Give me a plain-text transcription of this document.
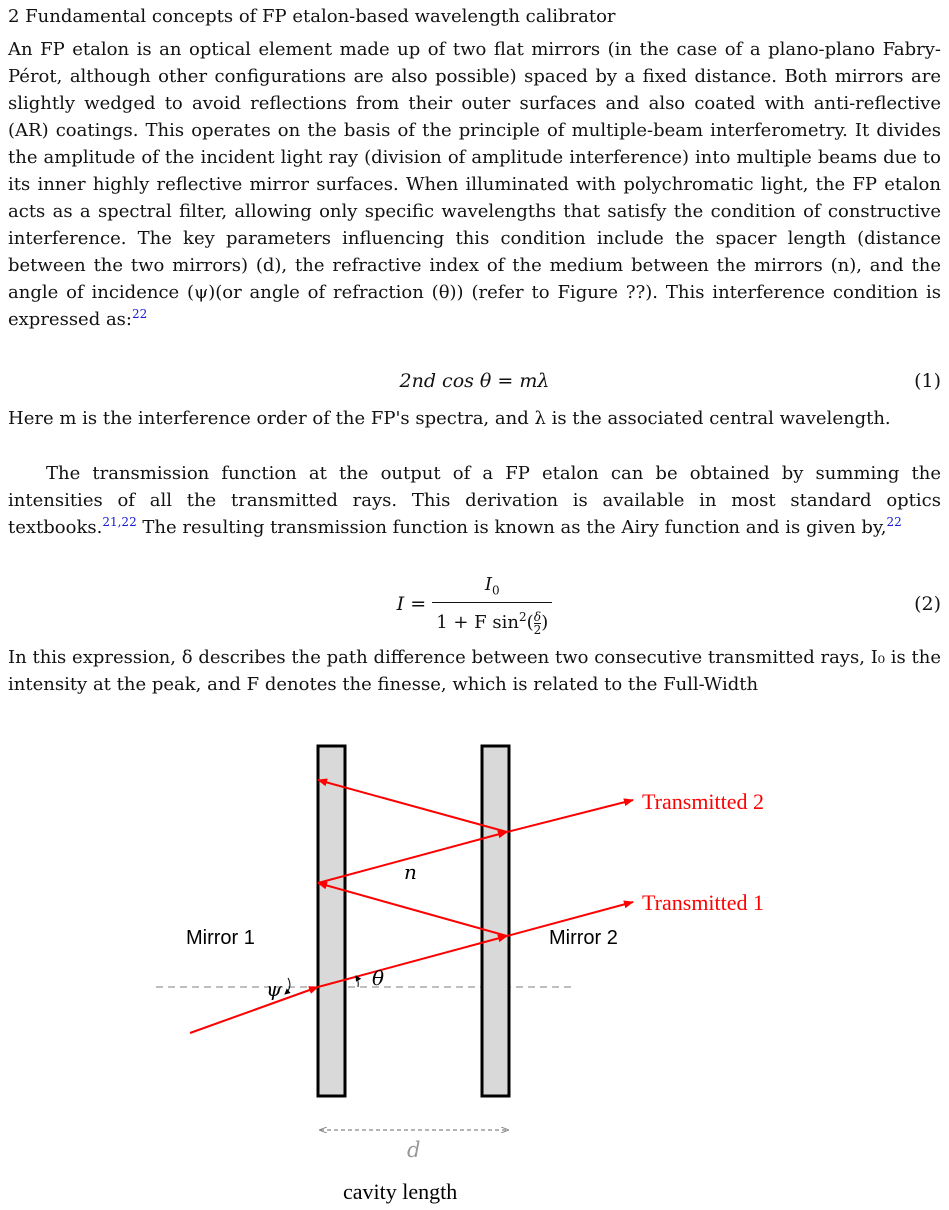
2 Fundamental concepts of FP etalon-based wavelength calibrator

An FP etalon is an optical element made up of two flat mirrors (in the case of a plano-plano Fabry-Pérot, although other configurations are also possible) spaced by a fixed distance. Both mirrors are slightly wedged to avoid reflections from their outer surfaces and also coated with anti-reflective (AR) coatings. This operates on the basis of the principle of multiple-beam interferometry. It divides the amplitude of the incident light ray (division of amplitude interference) into multiple beams due to its inner highly reflective mirror surfaces. When illuminated with polychromatic light, the FP etalon acts as a spectral filter, allowing only specific wavelengths that satisfy the condition of constructive interference. The key parameters influencing this condition include the spacer length (distance between the two mirrors) (d), the refractive index of the medium between the mirrors (n), and the angle of incidence (ψ)(or angle of refraction (θ)) (refer to Figure ??). This interference condition is expressed as:$^{22}$

2nd cos θ = mλ	(1)

Here m is the interference order of the FP's spectra, and λ is the associated central wavelength.

The transmission function at the output of a FP etalon can be obtained by summing the intensities of all the transmitted rays. This derivation is available in most standard optics textbooks.$^{21,22}$ The resulting transmission function is known as the Airy function and is given by,$^{22}$

$I = \frac{I_0}{1 + F \sin^2( \frac{\delta}{2} )}$	(2)

In this expression, δ describes the path difference between two consecutive transmitted rays, I₀ is the intensity at the peak, and F denotes the finesse, which is related to the Full-Width

Transmitted 2
Transmitted 1
Mirror 1	Mirror 2
n
ψ	θ
d
cavity length
